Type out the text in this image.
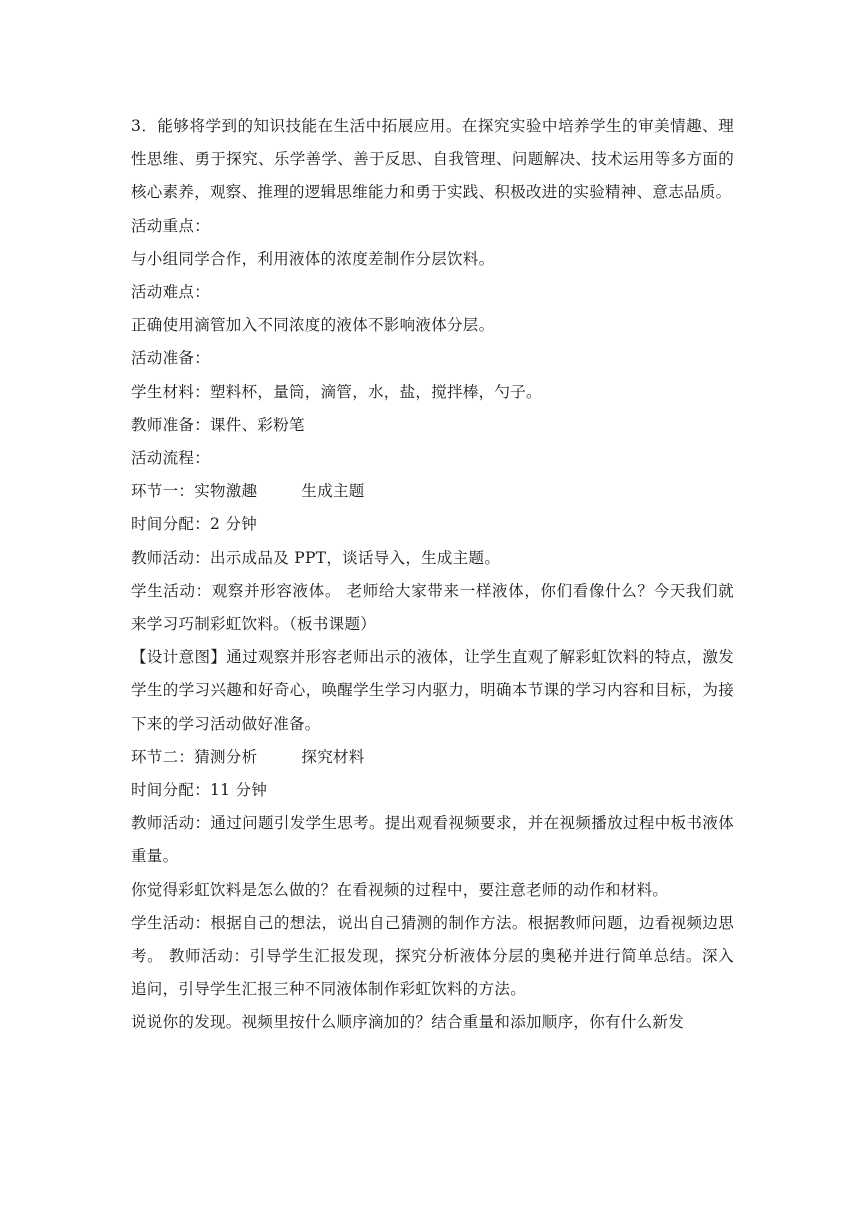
3．能够将学到的知识技能在生活中拓展应用。在探究实验中培养学生的审美情趣、理性思维、勇于探究、乐学善学、善于反思、自我管理、问题解决、技术运用等多方面的核心素养，观察、推理的逻辑思维能力和勇于实践、积极改进的实验精神、意志品质。

活动重点：

与小组同学合作，利用液体的浓度差制作分层饮料。

活动难点：

正确使用滴管加入不同浓度的液体不影响液体分层。

活动准备：

学生材料：塑料杯，量筒，滴管，水，盐，搅拌棒，勺子。

教师准备：课件、彩粉笔

活动流程：

环节一：实物激趣	生成主题

时间分配：2 分钟

教师活动：出示成品及 PPT，谈话导入，生成主题。

学生活动：观察并形容液体。 老师给大家带来一样液体，你们看像什么？今天我们就来学习巧制彩虹饮料。（板书课题）

【设计意图】通过观察并形容老师出示的液体，让学生直观了解彩虹饮料的特点，激发学生的学习兴趣和好奇心，唤醒学生学习内驱力，明确本节课的学习内容和目标，为接下来的学习活动做好准备。

环节二：猜测分析	探究材料

时间分配：11 分钟

教师活动：通过问题引发学生思考。提出观看视频要求，并在视频播放过程中板书液体重量。

你觉得彩虹饮料是怎么做的？在看视频的过程中，要注意老师的动作和材料。

学生活动：根据自己的想法，说出自己猜测的制作方法。根据教师问题，边看视频边思考。 教师活动：引导学生汇报发现，探究分析液体分层的奥秘并进行简单总结。深入追问，引导学生汇报三种不同液体制作彩虹饮料的方法。

说说你的发现。视频里按什么顺序滴加的？结合重量和添加顺序，你有什么新发
